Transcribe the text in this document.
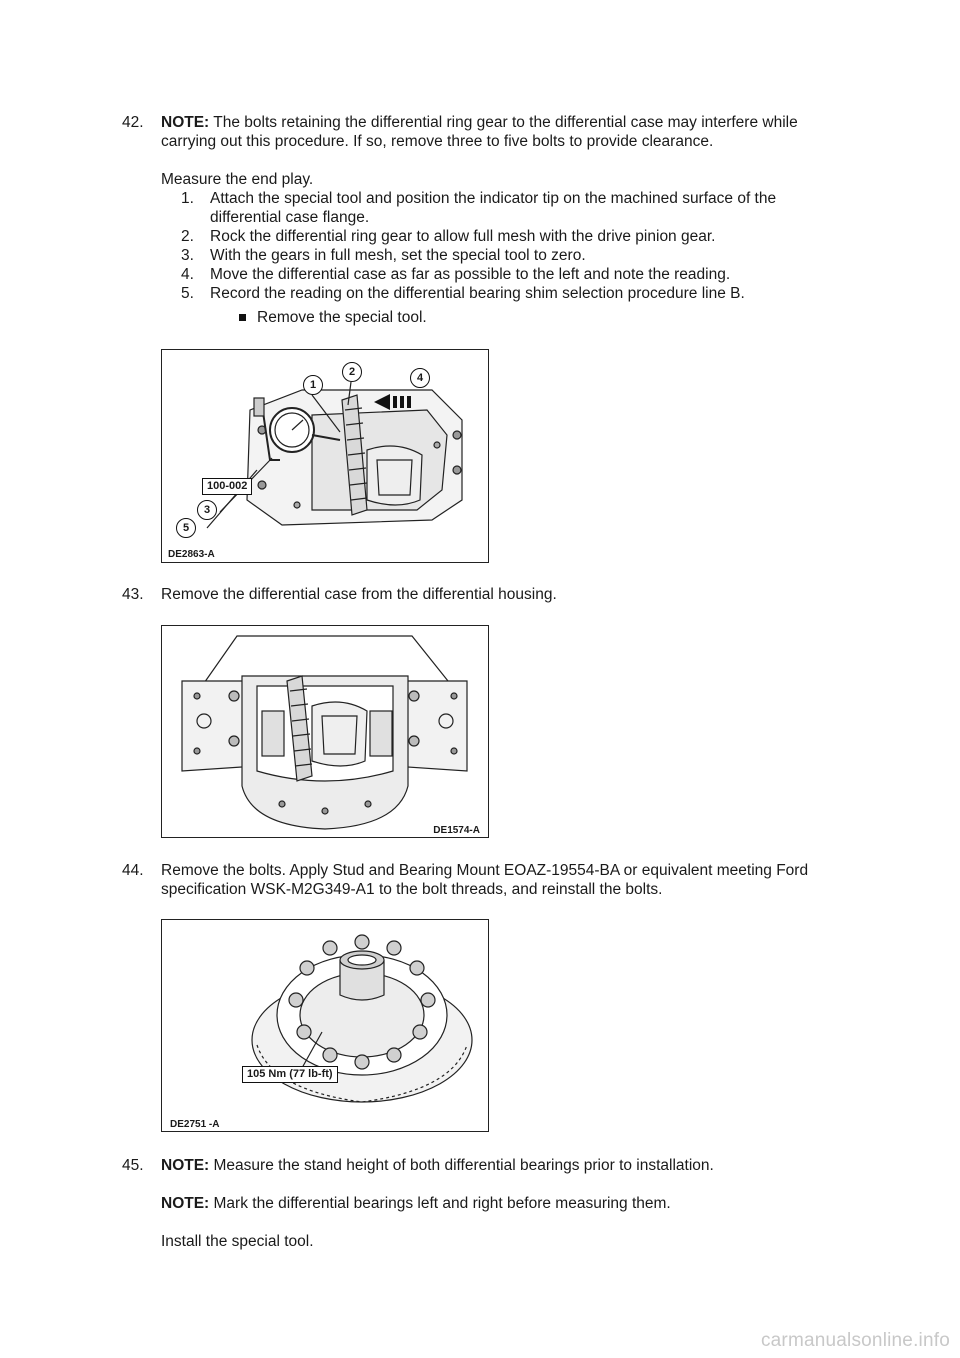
42.	NOTE: The bolts retaining the differential ring gear to the differential case may interfere while carrying out this procedure. If so, remove three to five bolts to provide clearance.
Measure the end play.
1. Attach the special tool and position the indicator tip on the machined surface of the differential case flange.
2. Rock the differential ring gear to allow full mesh with the drive pinion gear.
3. With the gears in full mesh, set the special tool to zero.
4. Move the differential case as far as possible to the left and note the reading.
5. Record the reading on the differential bearing shim selection procedure line B.
Remove the special tool.
1
2	4
3
5
100-002
DE2863-A
43.	Remove the differential case from the differential housing.
DE1574-A
44.	Remove the bolts. Apply Stud and Bearing Mount EOAZ-19554-BA or equivalent meeting Ford specification WSK-M2G349-A1 to the bolt threads, and reinstall the bolts.
105 Nm (77 lb-ft)
DE2751 -A
45.	NOTE: Measure the stand height of both differential bearings prior to installation.
NOTE: Mark the differential bearings left and right before measuring them.
Install the special tool.
carmanualsonline.info
